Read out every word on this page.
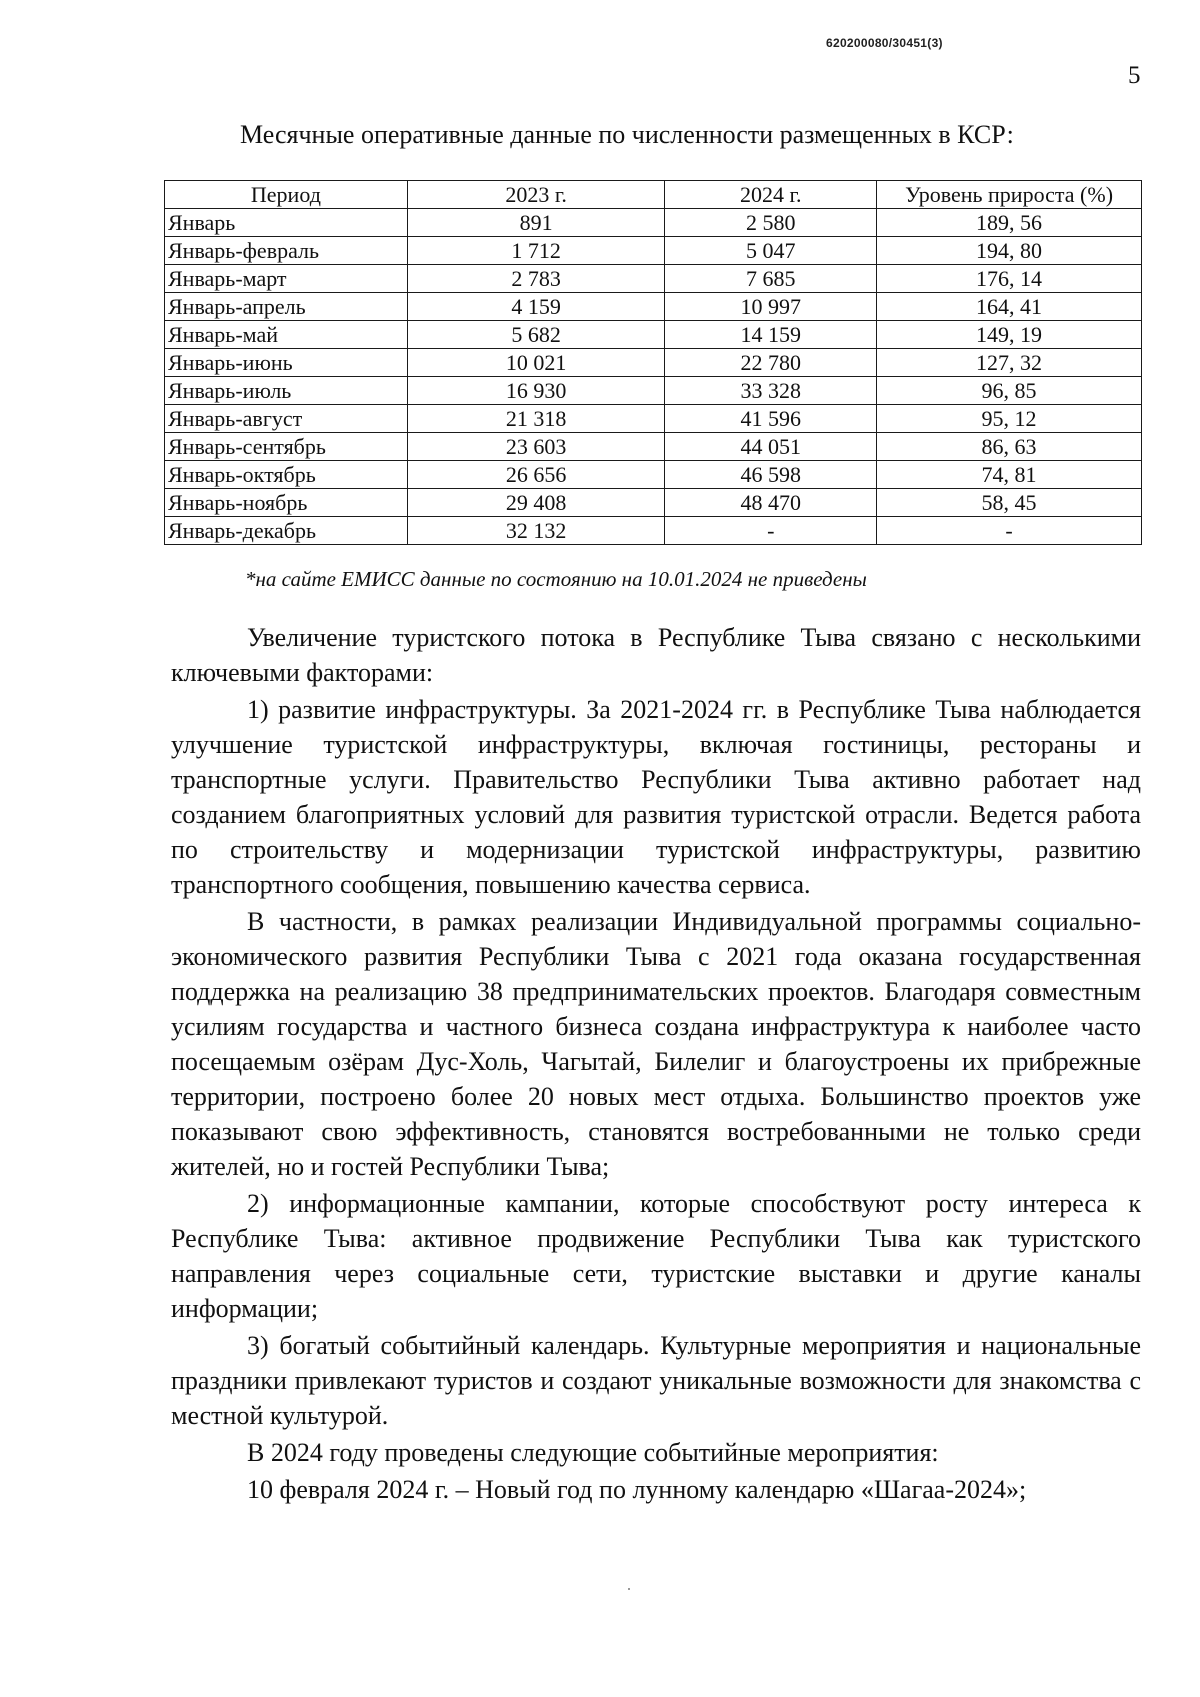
620200080/30451(3)
5
Месячные оперативные данные по численности размещенных в КСР:
Период	2023 г.	2024 г.	Уровень прироста (%)
Январь	891	2 580	189, 56
Январь-февраль	1 712	5 047	194, 80
Январь-март	2 783	7 685	176, 14
Январь-апрель	4 159	10 997	164, 41
Январь-май	5 682	14 159	149, 19
Январь-июнь	10 021	22 780	127, 32
Январь-июль	16 930	33 328	96, 85
Январь-август	21 318	41 596	95, 12
Январь-сентябрь	23 603	44 051	86, 63
Январь-октябрь	26 656	46 598	74, 81
Январь-ноябрь	29 408	48 470	58, 45
Январь-декабрь	32 132	-	-
*на сайте ЕМИСС данные по состоянию на 10.01.2024 не приведены

Увеличение туристского потока в Республике Тыва связано с несколькими ключевыми факторами:

1) развитие инфраструктуры. За 2021-2024 гг. в Республике Тыва наблюдается улучшение туристской инфраструктуры, включая гостиницы, рестораны и транспортные услуги. Правительство Республики Тыва активно работает над созданием благоприятных условий для развития туристской отрасли. Ведется работа по строительству и модернизации туристской инфраструктуры, развитию транспортного сообщения, повышению качества сервиса.

В частности, в рамках реализации Индивидуальной программы социально-экономического развития Республики Тыва с 2021 года оказана государственная поддержка на реализацию 38 предпринимательских проектов. Благодаря совместным усилиям государства и частного бизнеса создана инфраструктура к наиболее часто посещаемым озёрам Дус-Холь, Чагытай, Билелиг и благоустроены их прибрежные территории, построено более 20 новых мест отдыха. Большинство проектов уже показывают свою эффективность, становятся востребованными не только среди жителей, но и гостей Республики Тыва;

2) информационные кампании, которые способствуют росту интереса к Республике Тыва: активное продвижение Республики Тыва как туристского направления через социальные сети, туристские выставки и другие каналы информации;

3) богатый событийный календарь. Культурные мероприятия и национальные праздники привлекают туристов и создают уникальные возможности для знакомства с местной культурой.

В 2024 году проведены следующие событийные мероприятия:

10 февраля 2024 г. – Новый год по лунному календарю «Шагаа-2024»;
